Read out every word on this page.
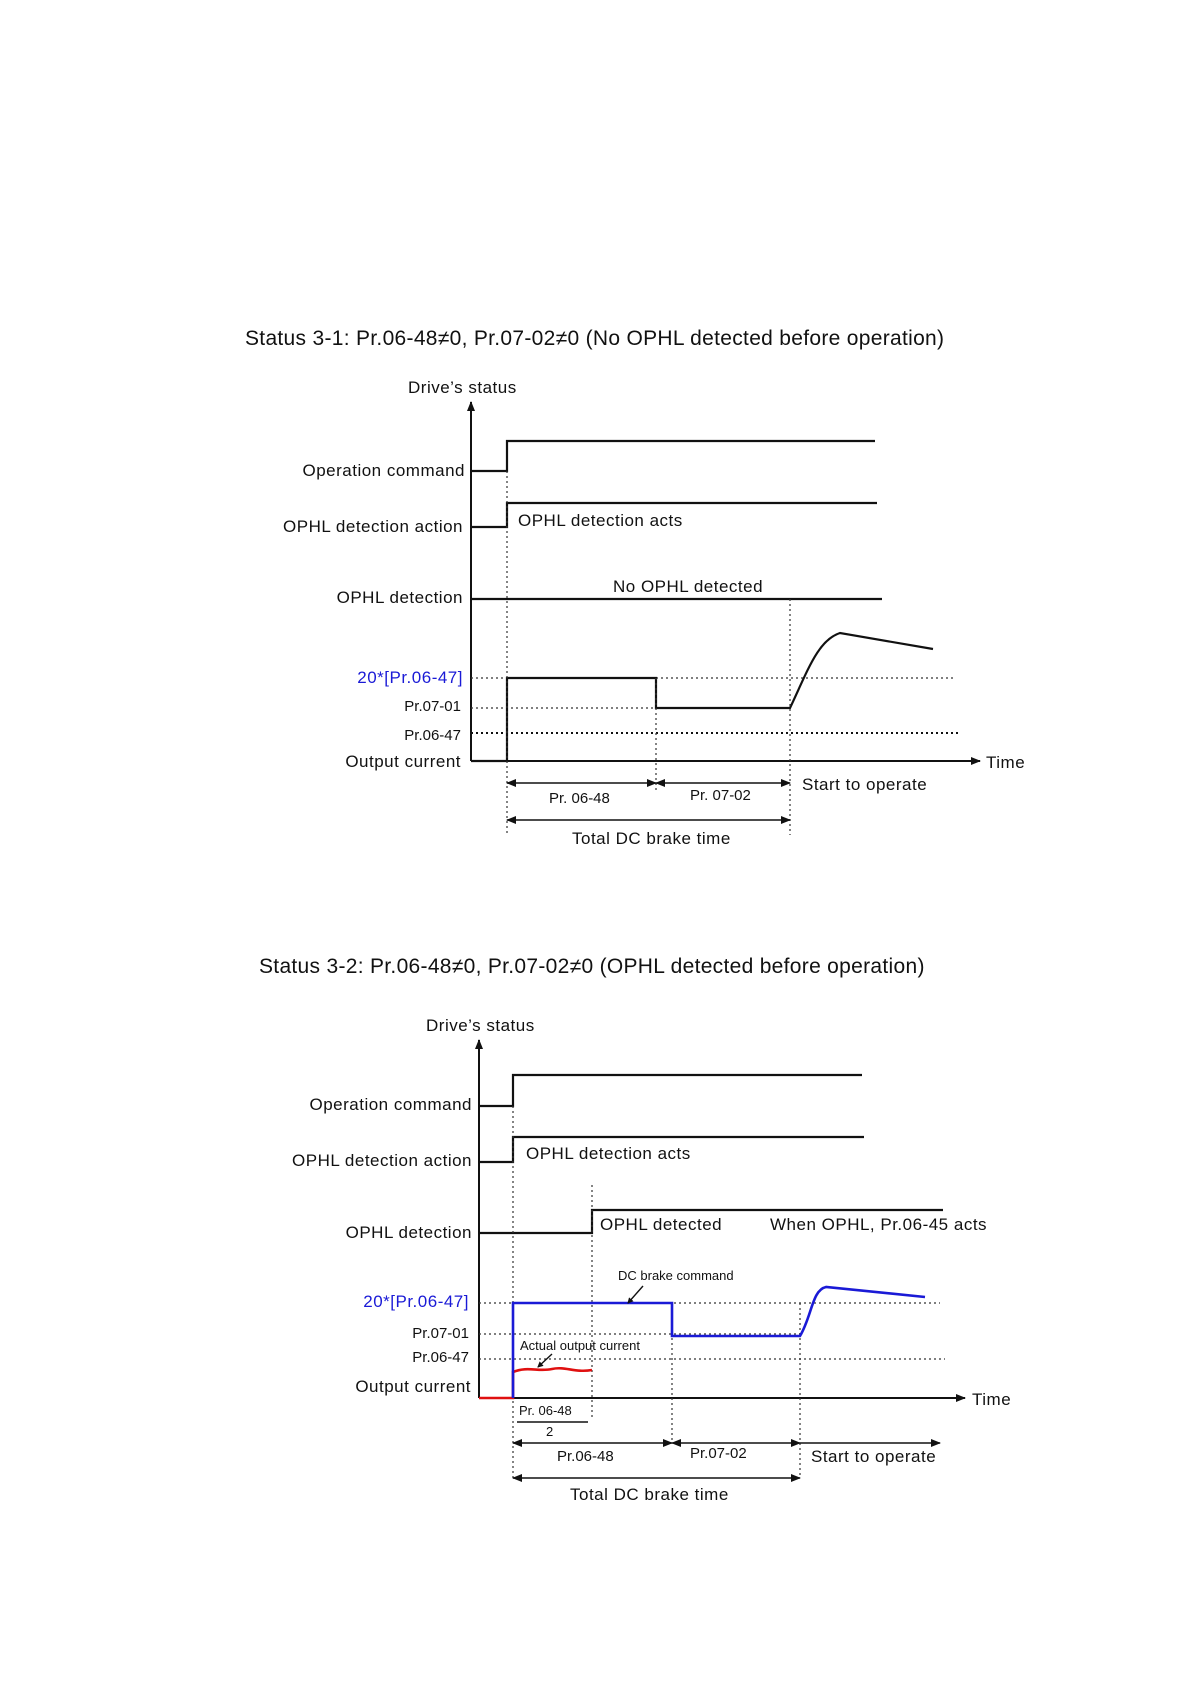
Status 3-1: Pr.06-48≠0, Pr.07-02≠0 (No OPHL detected before operation)
Drive’s status
Time
Operation command
OPHL detection action
OPHL detection
20*[Pr.06-47]
Pr.07-01
Pr.06-47
Output current
OPHL detection acts
No OPHL detected
Pr. 06-48	Pr. 07-02
Start to operate
Total DC brake time
Status 3-2: Pr.06-48≠0, Pr.07-02≠0 (OPHL detected before operation)
Drive’s status
Time
Operation command
OPHL detection action
OPHL detection
20*[Pr.06-47]
Pr.07-01
Pr.06-47
Output current
OPHL detection acts
OPHL detected	When OPHL, Pr.06-45 acts
DC brake command
Actual output current
Pr. 06-48
2
Pr.06-48	Pr.07-02	Start to operate
Total DC brake time
